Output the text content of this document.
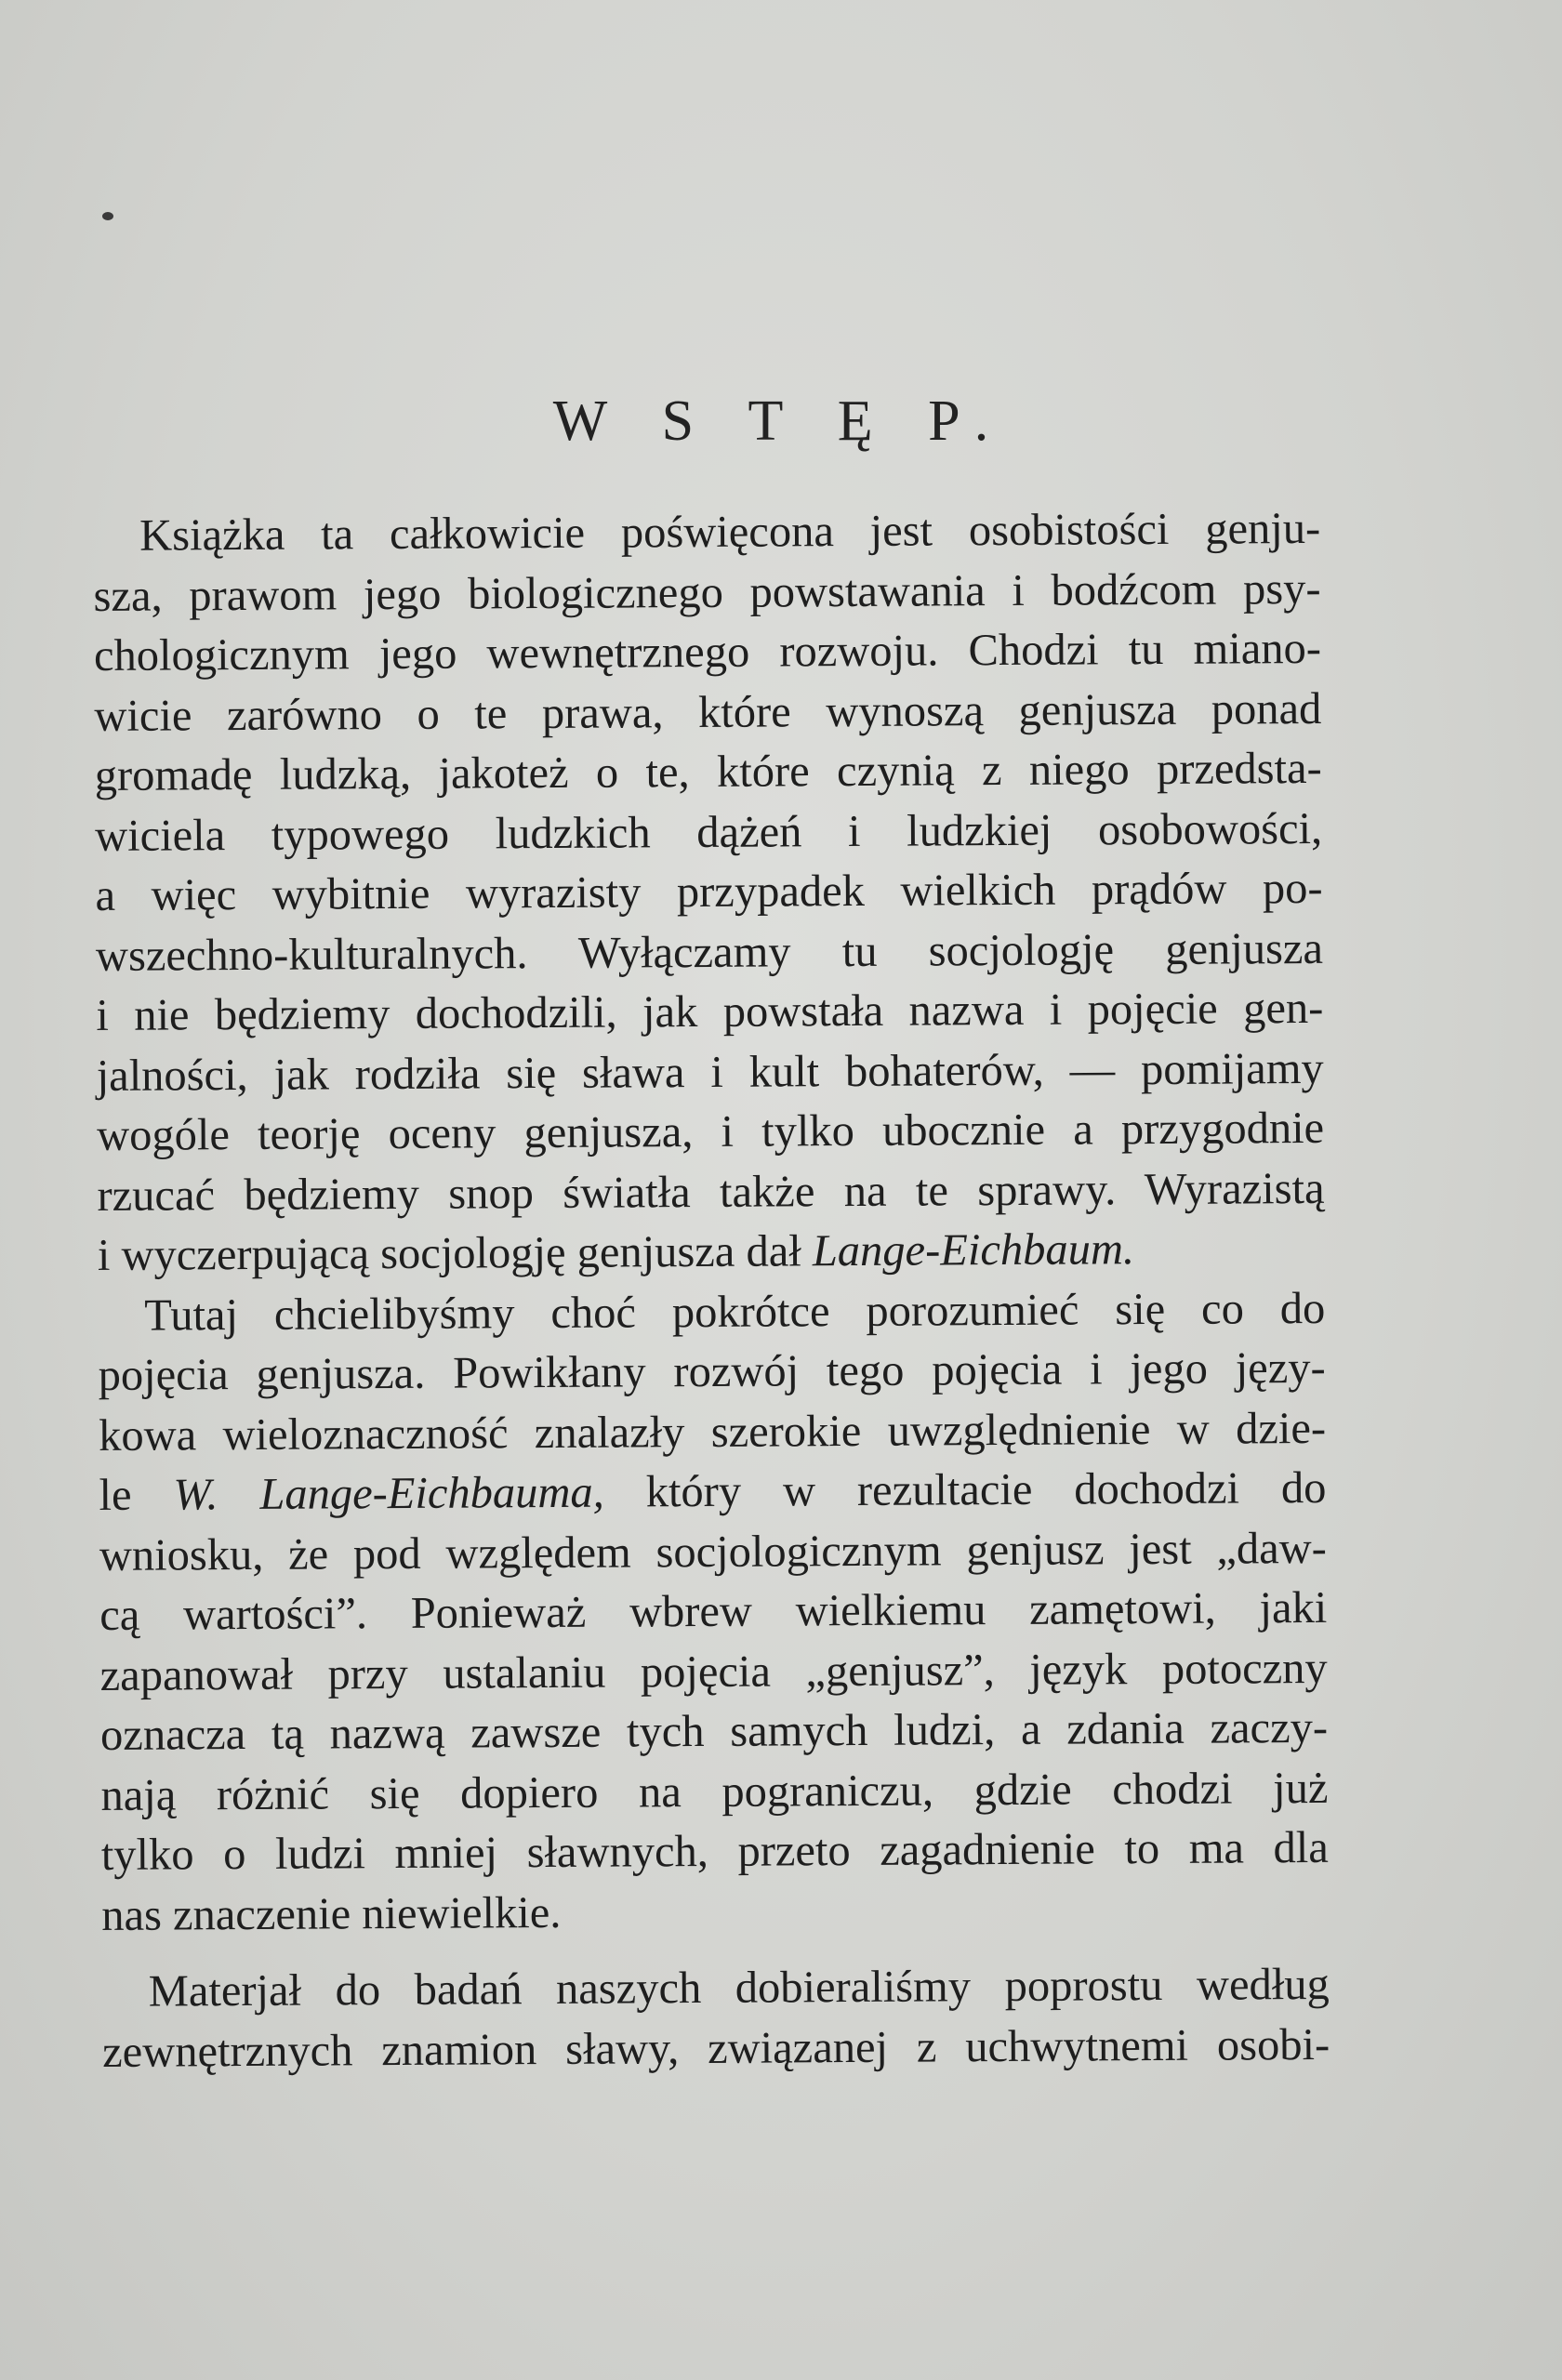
W S T Ę P.
Książka ta całkowicie poświęcona jest osobistości genju-
sza, prawom jego biologicznego powstawania i bodźcom psy-
chologicznym jego wewnętrznego rozwoju. Chodzi tu miano-
wicie zarówno o te prawa, które wynoszą genjusza ponad
gromadę ludzką, jakoteż o te, które czynią z niego przedsta-
wiciela typowego ludzkich dążeń i ludzkiej osobowości,
a więc wybitnie wyrazisty przypadek wielkich prądów po-
wszechno-kulturalnych. Wyłączamy tu socjologję genjusza
i nie będziemy dochodzili, jak powstała nazwa i pojęcie gen-
jalności, jak rodziła się sława i kult bohaterów, — pomijamy
wogóle teorję oceny genjusza, i tylko ubocznie a przygodnie
rzucać będziemy snop światła także na te sprawy. Wyrazistą
i wyczerpującą socjologję genjusza dał Lange-Eichbaum.
Tutaj chcielibyśmy choć pokrótce porozumieć się co do
pojęcia genjusza. Powikłany rozwój tego pojęcia i jego języ-
kowa wieloznaczność znalazły szerokie uwzględnienie w dzie-
le W. Lange-Eichbauma, który w rezultacie dochodzi do
wniosku, że pod względem socjologicznym genjusz jest „daw-
cą wartości”. Ponieważ wbrew wielkiemu zamętowi, jaki
zapanował przy ustalaniu pojęcia „genjusz”, język potoczny
oznacza tą nazwą zawsze tych samych ludzi, a zdania zaczy-
nają różnić się dopiero na pograniczu, gdzie chodzi już
tylko o ludzi mniej sławnych, przeto zagadnienie to ma dla
nas znaczenie niewielkie.
Materjał do badań naszych dobieraliśmy poprostu według
zewnętrznych znamion sławy, związanej z uchwytnemi osobi-
